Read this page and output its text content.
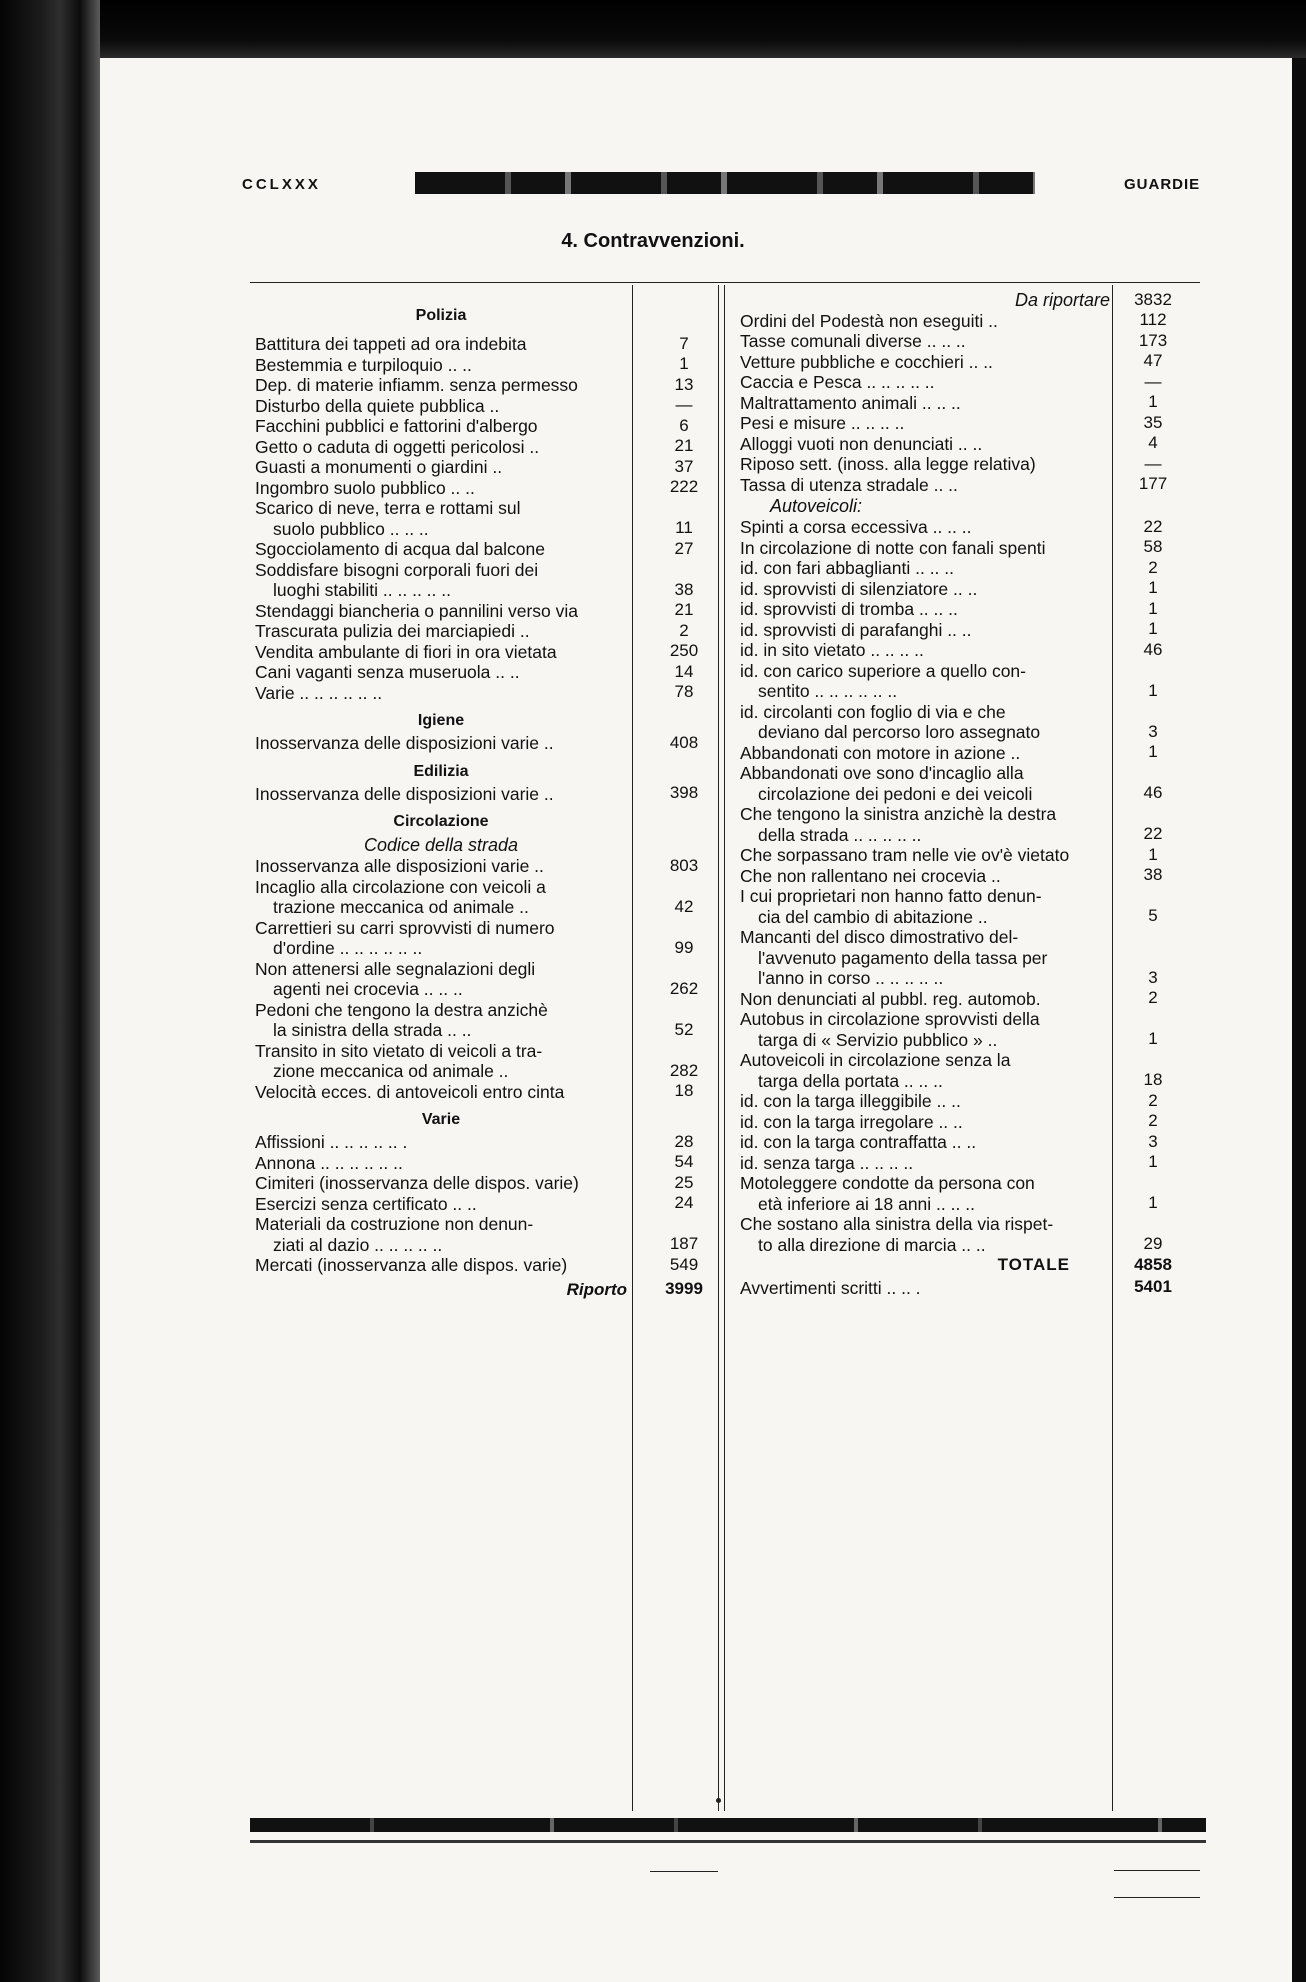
CCLXXX	GUARDIE
4. Contravvenzioni.
Polizia
Battitura dei tappeti ad ora indebita
Bestemmia e turpiloquio .. ..
Dep. di materie infiamm. senza permesso
Disturbo della quiete pubblica ..
Facchini pubblici e fattorini d'albergo
Getto o caduta di oggetti pericolosi ..
Guasti a monumenti o giardini ..
Ingombro suolo pubblico .. ..
Scarico di neve, terra e rottami sul
suolo pubblico .. .. ..
Sgocciolamento di acqua dal balcone
Soddisfare bisogni corporali fuori dei
luoghi stabiliti .. .. .. .. ..
Stendaggi biancheria o pannilini verso via
Trascurata pulizia dei marciapiedi ..
Vendita ambulante di fiori in ora vietata
Cani vaganti senza museruola .. ..
Varie .. .. .. .. .. ..
Igiene
Inosservanza delle disposizioni varie ..
Edilizia
Inosservanza delle disposizioni varie ..
Circolazione
Codice della strada
Inosservanza alle disposizioni varie ..
Incaglio alla circolazione con veicoli a
trazione meccanica od animale ..
Carrettieri su carri sprovvisti di numero
d'ordine .. .. .. .. .. ..
Non attenersi alle segnalazioni degli
agenti nei crocevia .. .. ..
Pedoni che tengono la destra anzichè
la sinistra della strada .. ..
Transito in sito vietato di veicoli a tra-
zione meccanica od animale ..
Velocità ecces. di antoveicoli entro cinta
Varie
Affissioni .. .. .. .. .. .
Annona .. .. .. .. .. ..
Cimiteri (inosservanza delle dispos. varie)
Esercizi senza certificato .. ..
Materiali da costruzione non denun-
ziati al dazio .. .. .. .. ..
Mercati (inosservanza alle dispos. varie)
Riporto
7
1
13
—
6
21
37
222
11
27
38
21
2
250
14
78
408
398
803
42
99
262
52
282
18
28
54
25
24
187
549
3999
Da riportare
Ordini del Podestà non eseguiti ..
Tasse comunali diverse .. .. ..
Vetture pubbliche e cocchieri .. ..
Caccia e Pesca .. .. .. .. ..
Maltrattamento animali .. .. ..
Pesi e misure .. .. .. ..
Alloggi vuoti non denunciati .. ..
Riposo sett. (inoss. alla legge relativa)
Tassa di utenza stradale .. ..
Autoveicoli:
Spinti a corsa eccessiva .. .. ..
In circolazione di notte con fanali spenti
id. con fari abbaglianti .. .. ..
id. sprovvisti di silenziatore .. ..
id. sprovvisti di tromba .. .. ..
id. sprovvisti di parafanghi .. ..
id. in sito vietato .. .. .. ..
id. con carico superiore a quello con-
sentito .. .. .. .. .. ..
id. circolanti con foglio di via e che
deviano dal percorso loro assegnato
Abbandonati con motore in azione ..
Abbandonati ove sono d'incaglio alla
circolazione dei pedoni e dei veicoli
Che tengono la sinistra anzichè la destra
della strada .. .. .. .. ..
Che sorpassano tram nelle vie ov'è vietato
Che non rallentano nei crocevia ..
I cui proprietari non hanno fatto denun-
cia del cambio di abitazione ..
Mancanti del disco dimostrativo del-
l'avvenuto pagamento della tassa per
l'anno in corso .. .. .. .. ..
Non denunciati al pubbl. reg. automob.
Autobus in circolazione sprovvisti della
targa di « Servizio pubblico » ..
Autoveicoli in circolazione senza la
targa della portata .. .. ..
id. con la targa illeggibile .. ..
id. con la targa irregolare .. ..
id. con la targa contraffatta .. ..
id. senza targa .. .. .. ..
Motoleggere condotte da persona con
età inferiore ai 18 anni .. .. ..
Che sostano alla sinistra della via rispet-
to alla direzione di marcia .. ..
TOTALE
Avvertimenti scritti .. .. .
112
173
47
—
1
35
4
—
177
22
58
2
1
1
1
46
1
3
1
46
22
1
38
5
3
2
1
18
2
2
3
1
1
29
3832
4858
5401
